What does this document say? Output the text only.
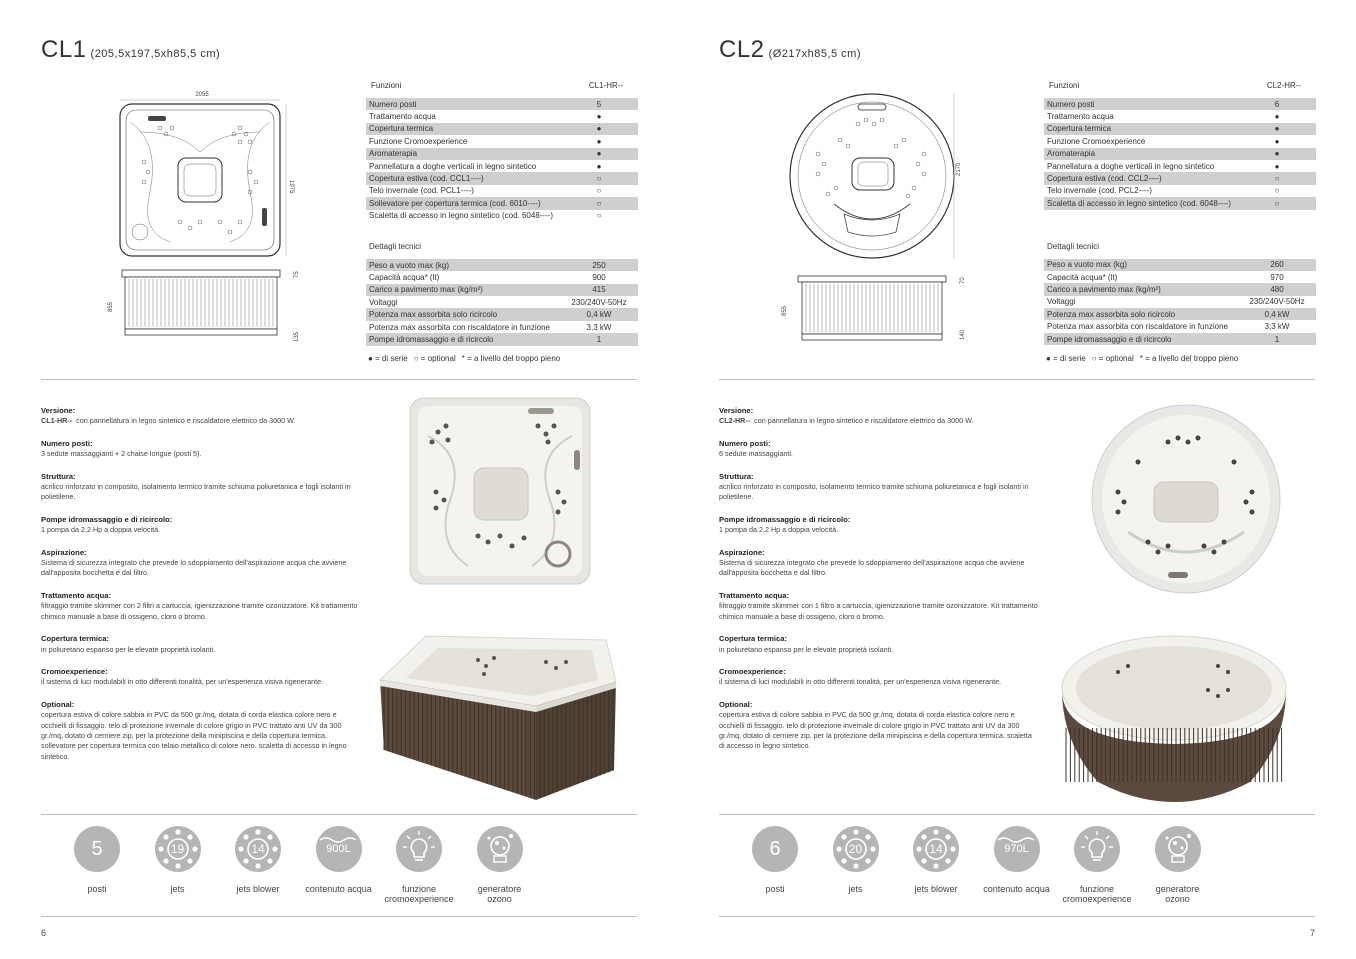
CL1 (205,5x197,5xh85,5 cm)
2055
1975
855
75
135
Funzioni	CL1-HR--
Numero posti	5
Trattamento acqua	●
Copertura termica	●
Funzione Cromoexperience	●
Aromaterapia	●
Pannellatura a doghe verticali in legno sintetico	●
Copertura estiva (cod. CCL1----)	○
Telo invernale (cod. PCL1----)	○
Sollevatore per copertura termica (cod. 6010----)	○
Scaletta di accesso in legno sintetico (cod. 6048----)	○
Dettagli tecnici
Peso a vuoto max (kg)	250
Capacità acqua* (lt)	900
Carico a pavimento max (kg/m²)	415
Voltaggi	230/240V-50Hz
Potenza max assorbita solo ricircolo	0,4 kW
Potenza max assorbita con riscaldatore in funzione	3,3 kW
Pompe idromassaggio e di ricircolo	1
● = di serie ○ = optional * = a livello del troppo pieno
Versione:
CL1-HR-- con pannellatura in legno sintetico e riscaldatore elettrico da 3000 W.
Numero posti:
3 sedute massaggianti + 2 chaise longue (posti 5).
Struttura:
acrilico rinforzato in composito, isolamento termico tramite schiuma poliuretanica e fogli isolanti in polietilene.
Pompe idromassaggio e di ricircolo:
1 pompa da 2,2 Hp a doppia velocità.
Aspirazione:
Sistema di sicurezza integrato che prevede lo sdoppiamento dell'aspirazione acqua che avviene dall'apposita bocchetta e dal filtro.
Trattamento acqua:
filtraggio tramite skimmer con 2 filtri a cartuccia, igienizzazione tramite ozonizzatore. Kit trattamento chimico manuale a base di ossigeno, cloro o bromo.
Copertura termica:
in poliuretano espanso per le elevate proprietà isolanti.
Cromoexperience:
il sistema di luci modulabili in otto differenti tonalità, per un'esperienza visiva rigenerante.
Optional:
copertura estiva di colore sabbia in PVC da 500 gr./mq, dotata di corda elastica colore nero e occhielli di fissaggio. telo di protezione invernale di colore grigio in PVC trattato anti UV da 300 gr./mq, dotato di cerniere zip, per la protezione della minipiscina e della copertura termica. sollevatore per copertura termica con telaio metallico di colore nero. scaletta di accesso in legno sintetico.
5
posti
19
jets
14
jets blower
900L
contenuto acqua	funzione cromoexperience
generatore ozono
6
CL2 (Ø217xh85,5 cm)
2170
855
70
140
Funzioni	CL2-HR--
Numero posti	6
Trattamento acqua	●
Copertura termica	●
Funzione Cromoexperience	●
Aromaterapia	●
Pannellatura a doghe verticali in legno sintetico	●
Copertura estiva (cod. CCL2----)	○
Telo invernale (cod. PCL2----)	○
Scaletta di accesso in legno sintetico (cod. 6048----)	○
Dettagli tecnici
Peso a vuoto max (kg)	260
Capacità acqua* (lt)	970
Carico a pavimento max (kg/m²)	480
Voltaggi	230/240V-50Hz
Potenza max assorbita solo ricircolo	0,4 kW
Potenza max assorbita con riscaldatore in funzione	3,3 kW
Pompe idromassaggio e di ricircolo	1
● = di serie ○ = optional * = a livello del troppo pieno
Versione:
CL2-HR-- con pannellatura in legno sintetico e riscaldatore elettrico da 3000 W.
Numero posti:
6 sedute massaggianti.
Struttura:
acrilico rinforzato in composito, isolamento termico tramite schiuma poliuretanica e fogli isolanti in polietilene.
Pompe idromassaggio e di ricircolo:
1 pompa da 2,2 Hp a doppia velocità.
Aspirazione:
Sistema di sicurezza integrato che prevede lo sdoppiamento dell'aspirazione acqua che avviene dall'apposita bocchetta e dal filtro.
Trattamento acqua:
filtraggio tramite skimmer con 1 filtro a cartuccia, igienizzazione tramite ozonizzatore. Kit trattamento chimico manuale a base di ossigeno, cloro o bromo.
Copertura termica:
in poliuretano espanso per le elevate proprietà isolanti.
Cromoexperience:
il sistema di luci modulabili in otto differenti tonalità, per un'esperienza visiva rigenerante.
Optional:
copertura estiva di colore sabbia in PVC da 500 gr./mq, dotata di corda elastica colore nero e occhielli di fissaggio. telo di protezione invernale di colore grigio in PVC trattato anti UV da 300 gr./mq, dotato di cerniere zip, per la protezione della minipiscina e della copertura termica. scaletta di accesso in legno sintetico.
6
posti
20
jets
14
jets blower
970L
contenuto acqua	funzione cromoexperience
generatore ozono
7
